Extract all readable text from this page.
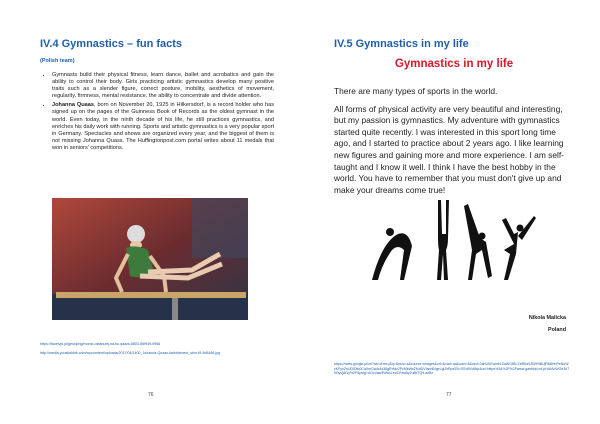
IV.4 Gymnastics – fun facts
(Polish team)
• Gymnasts build their physical fitness, learn dance, ballet and acrobatics and gain the ability to control their body. Girls practicing artistic gymnastics develop many positive traits such as a slender figure, correct posture, mobility, aesthetics of movement, regularity, firmness, mental resistance, the ability to concentrate and divide attention.
• Johanna Quaas, born on November 20, 1925 in Hilkersdorf, is a record holder who has signed up on the pages of the Guinness Book of Records as the oldest gymnast in the world. Even today, in the ninth decade of his life, he still practices gymnastics, and enriches his daily work with running. Sports and artistic gymnastics is a very popular sport in Germany. Spectacles and shows are organized every year, and the biggest of them is not missing Johanna Quass. The Huffingtonpost.com portal writes about 11 medals that won in seniors' competitions.
https://facetvpl.pl/geocjong/monst-ostarszej-na-tw-qaazs-8803-86f949-9966
http://media.youskaldirk.com/wycorntent/uploads/2017/04/1400_Johanna-Quaas-kalelolevent_sbm-f9-9d8486.jpg
76
IV.5 Gymnastics in my life
Gymnastics in my life

There are many types of sports in the world.

All forms of physical activity are very beautiful and interesting, but my passion is gymnastics. My adventure with gymnastics started quite recently. I was interested in this sport long time ago, and I started to practice about 2 years ago. I like learning new figures and gaining more and more experience. I am self-taught and I know it well. I think I have the best hobby in the world. You have to remember that you must don't give up and make your dreams come true!

Nikola Malicka
Poland
https://www.google.pl/url?sa=i&rct=j&q=&esrc=s&source=images&cd=&cad=rja&uact=8&ved=2ahUKEwinb1ZaWG8N-ZeBKd0ZBHNBUjRkBHnPeNoWzKFyoZnUDIDtb0CaXmGa4x4s36gRHdz2PcMbWsZMdDVIanhBIgeLgiJhRpeZN=SEd9VdWp&url=https%3A%2F%2Fwww.ganbkid.ml-pHAIAoWOe3o7KByvjAf1y%2F&psig=AOvVaw3Wwxi-eoCRmfAy2u8bTQ9-ad5z
77
